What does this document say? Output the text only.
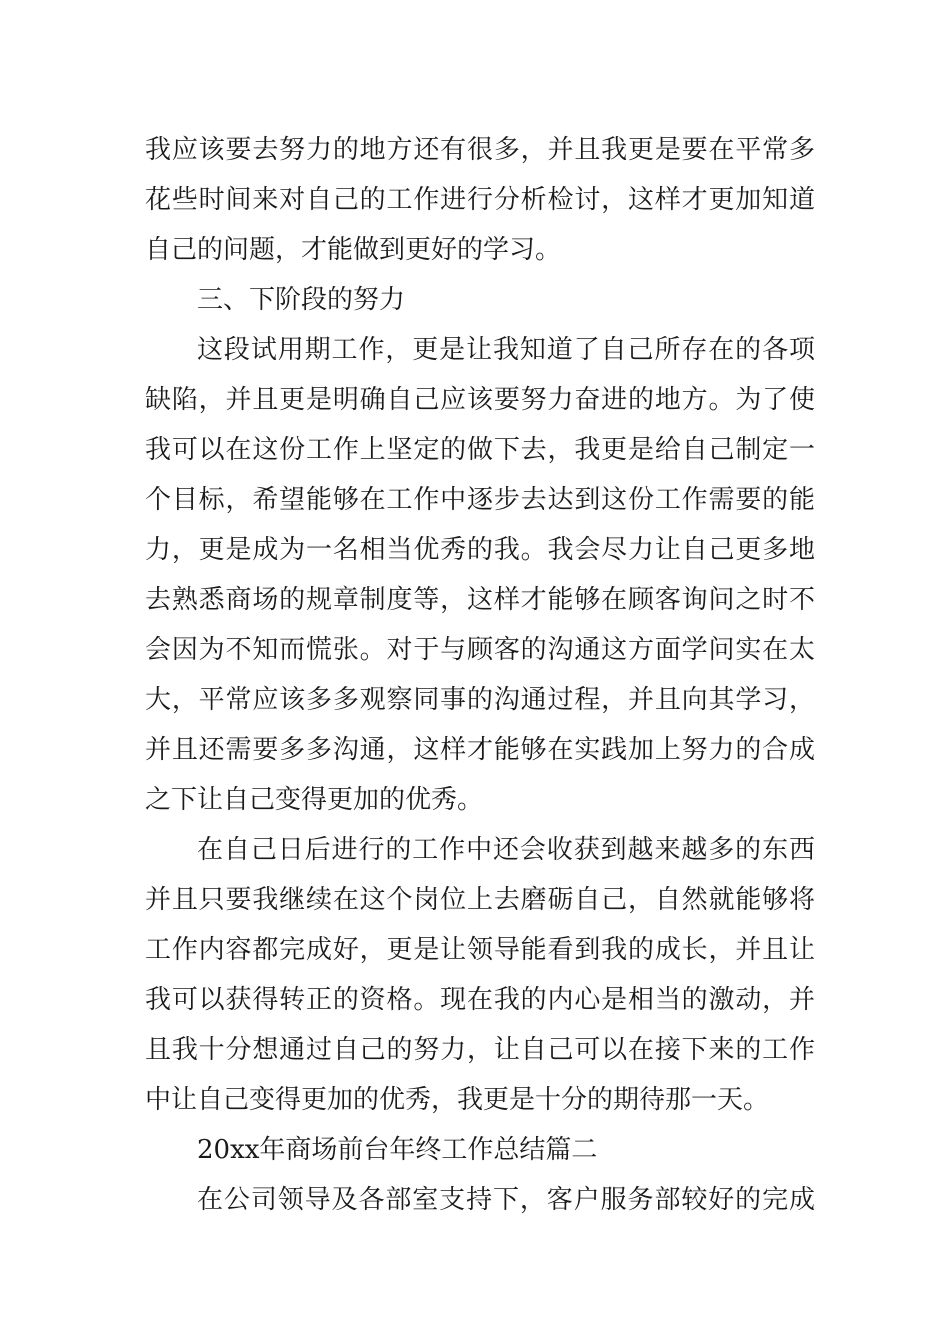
我应该要去努力的地方还有很多，并且我更是要在平常多
花些时间来对自己的工作进行分析检讨，这样才更加知道
自己的问题，才能做到更好的学习。
三、下阶段的努力
这段试用期工作，更是让我知道了自己所存在的各项
缺陷，并且更是明确自己应该要努力奋进的地方。为了使
我可以在这份工作上坚定的做下去，我更是给自己制定一
个目标，希望能够在工作中逐步去达到这份工作需要的能
力，更是成为一名相当优秀的我。我会尽力让自己更多地
去熟悉商场的规章制度等，这样才能够在顾客询问之时不
会因为不知而慌张。对于与顾客的沟通这方面学问实在太
大，平常应该多多观察同事的沟通过程，并且向其学习，
并且还需要多多沟通，这样才能够在实践加上努力的合成
之下让自己变得更加的优秀。
在自己日后进行的工作中还会收获到越来越多的东西
并且只要我继续在这个岗位上去磨砺自己，自然就能够将
工作内容都完成好，更是让领导能看到我的成长，并且让
我可以获得转正的资格。现在我的内心是相当的激动，并
且我十分想通过自己的努力，让自己可以在接下来的工作
中让自己变得更加的优秀，我更是十分的期待那一天。
20xx年商场前台年终工作总结篇二
在公司领导及各部室支持下，客户服务部较好的完成
